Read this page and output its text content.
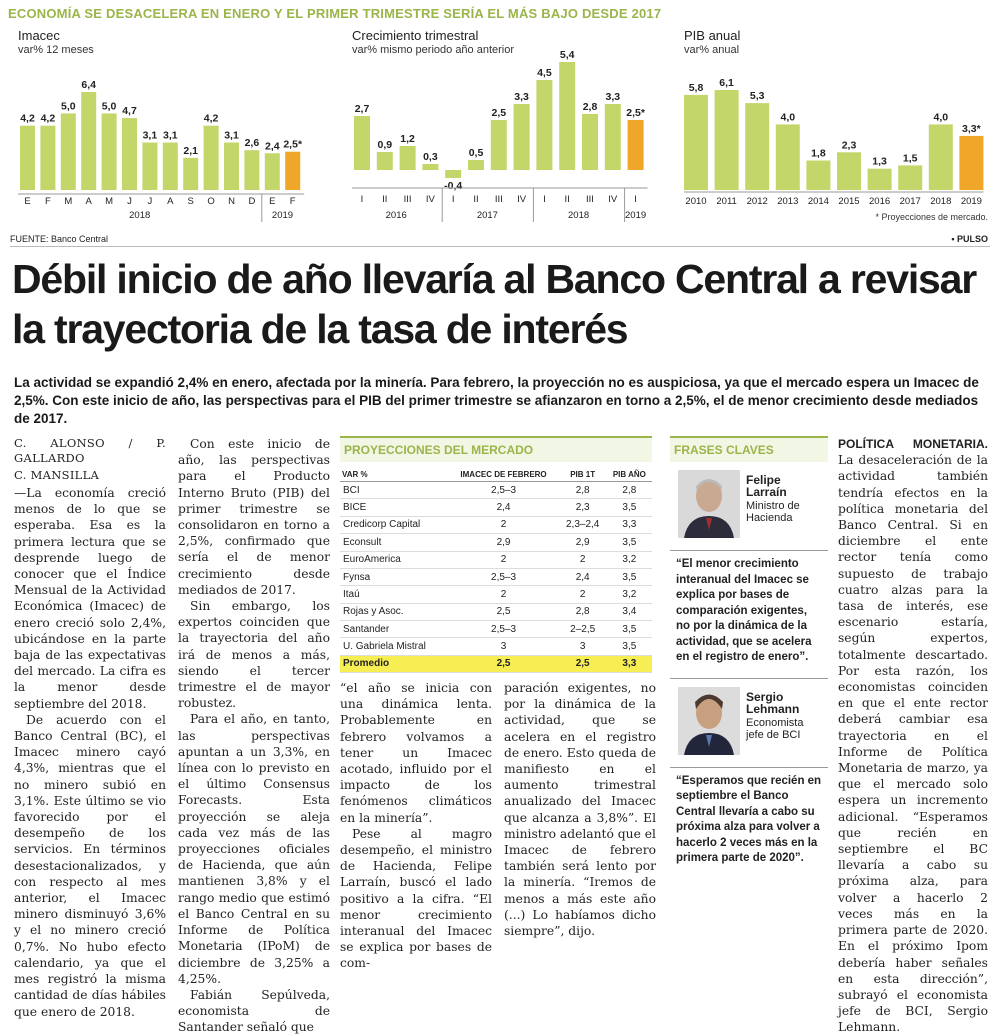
ECONOMÍA SE DESACELERA EN ENERO Y EL PRIMER TRIMESTRE SERÍA EL MÁS BAJO DESDE 2017
Imacec
var% 12 meses
4,2
E
4,2
F
5,0
M
6,4
A
5,0
M
4,7
J
3,1
J
3,1
A
2,1
S
4,2
O
3,1
N
2,6
D
2,4
E
2,5*
F
2018	2019
Crecimiento trimestral
var% mismo periodo año anterior
2,7
I
0,9
II
1,2
III
0,3
IV
-0,4
I
0,5
II
2,5
III
3,3
IV
4,5
I
5,4
II
2,8
III
3,3
IV
2,5*
I
2016	2017	2018	2019
PIB anual
var% anual
5,8
2010
6,1
2011
5,3
2012
4,0
2013
1,8
2014
2,3
2015
1,3
2016
1,5
2017
4,0
2018
3,3*
2019
* Proyecciones de mercado.
FUENTE: Banco Central	• PULSO
Débil inicio de año llevaría al Banco Central a revisar la trayectoria de la tasa de interés
La actividad se expandió 2,4% en enero, afectada por la minería. Para febrero, la proyección no es auspiciosa, ya que el mercado espera un Imacec de 2,5%. Con este inicio de año, las perspectivas para el PIB del primer trimestre se afianzaron en torno a 2,5%, el de menor crecimiento desde mediados de 2017.
C. ALONSO / P. GALLARDO
C. MANSILLA

—La economía creció menos de lo que se esperaba. Esa es la primera lectura que se desprende luego de conocer que el Índice Mensual de la Actividad Económica (Imacec) de enero creció solo 2,4%, ubicándose en la parte baja de las expectativas del mercado. La cifra es la menor desde septiembre del 2018.

De acuerdo con el Banco Central (BC), el Imacec minero cayó 4,3%, mientras que el no minero subió en 3,1%. Este último se vio favorecido por el desempeño de los servicios. En términos desestacionalizados, y con respecto al mes anterior, el Imacec minero disminuyó 3,6% y el no minero creció 0,7%. No hubo efecto calendario, ya que el mes registró la misma cantidad de días hábiles que enero de 2018.

Con este inicio de año, las perspectivas para el Producto Interno Bruto (PIB) del primer trimestre se consolidaron en torno a 2,5%, confirmado que sería el de menor crecimiento desde mediados de 2017.

Sin embargo, los expertos coinciden que la trayectoria del año irá de menos a más, siendo el tercer trimestre el de mayor robustez.

Para el año, en tanto, las perspectivas apuntan a un 3,3%, en línea con lo previsto en el último Consensus Forecasts. Esta proyección se aleja cada vez más de las proyecciones oficiales de Hacienda, que aún mantienen 3,8% y el rango medio que estimó el Banco Central en su Informe de Política Monetaria (IPoM) de diciembre de 3,25% a 4,25%.

Fabián Sepúlveda, economista de Santander señaló que

PROYECCIONES DEL MERCADO
VAR %	IMACEC DE FEBRERO	PIB 1T	PIB AÑO
BCI	2,5–3	2,8	2,8
BICE	2,4	2,3	3,5
Credicorp Capital	2	2,3–2,4	3,3
Econsult	2,9	2,9	3,5
EuroAmerica	2	2	3,2
Fynsa	2,5–3	2,4	3,5
Itaú	2	2	3,2
Rojas y Asoc.	2,5	2,8	3,4
Santander	2,5–3	2–2,5	3,5
U. Gabriela Mistral	3	3	3,5
Promedio	2,5	2,5	3,3

“el año se inicia con una dinámica lenta. Probablemente en febrero volvamos a tener un Imacec acotado, influido por el impacto de los fenómenos climáticos en la minería”.

Pese al magro desempeño, el ministro de Hacienda, Felipe Larraín, buscó el lado positivo a la cifra. “El menor crecimiento interanual del Imacec se explica por bases de com-

paración exigentes, no por la dinámica de la actividad, que se acelera en el registro de enero. Esto queda de manifiesto en el aumento trimestral anualizado del Imacec que alcanza a 3,8%”. El ministro adelantó que el Imacec de febrero también será lento por la minería. “Iremos de menos a más este año (...) Lo habíamos dicho siempre”, dijo.

FRASES CLAVES
Felipe
Larraín
Ministro de
Hacienda
“El menor crecimiento interanual del Imacec se explica por bases de comparación exigentes, no por la dinámica de la actividad, que se acelera en el registro de enero”.
Sergio
Lehmann
Economista
jefe de BCI
“Esperamos que recién en septiembre el Banco Central llevaría a cabo su próxima alza para volver a hacerlo 2 veces más en la primera parte de 2020”.

POLÍTICA MONETARIA. La desaceleración de la actividad también tendría efectos en la política monetaria del Banco Central. Si en diciembre el ente rector tenía como supuesto de trabajo cuatro alzas para la tasa de interés, ese escenario estaría, según expertos, totalmente descartado. Por esta razón, los economistas coinciden en que el ente rector deberá cambiar esa trayectoria en el Informe de Política Monetaria de marzo, ya que el mercado solo espera un incremento adicional. “Esperamos que recién en septiembre el BC llevaría a cabo su próxima alza, para volver a hacerlo 2 veces más en la primera parte de 2020. En el próximo Ipom debería haber señales en esta dirección”, subrayó el economista jefe de BCI, Sergio Lehmann.
